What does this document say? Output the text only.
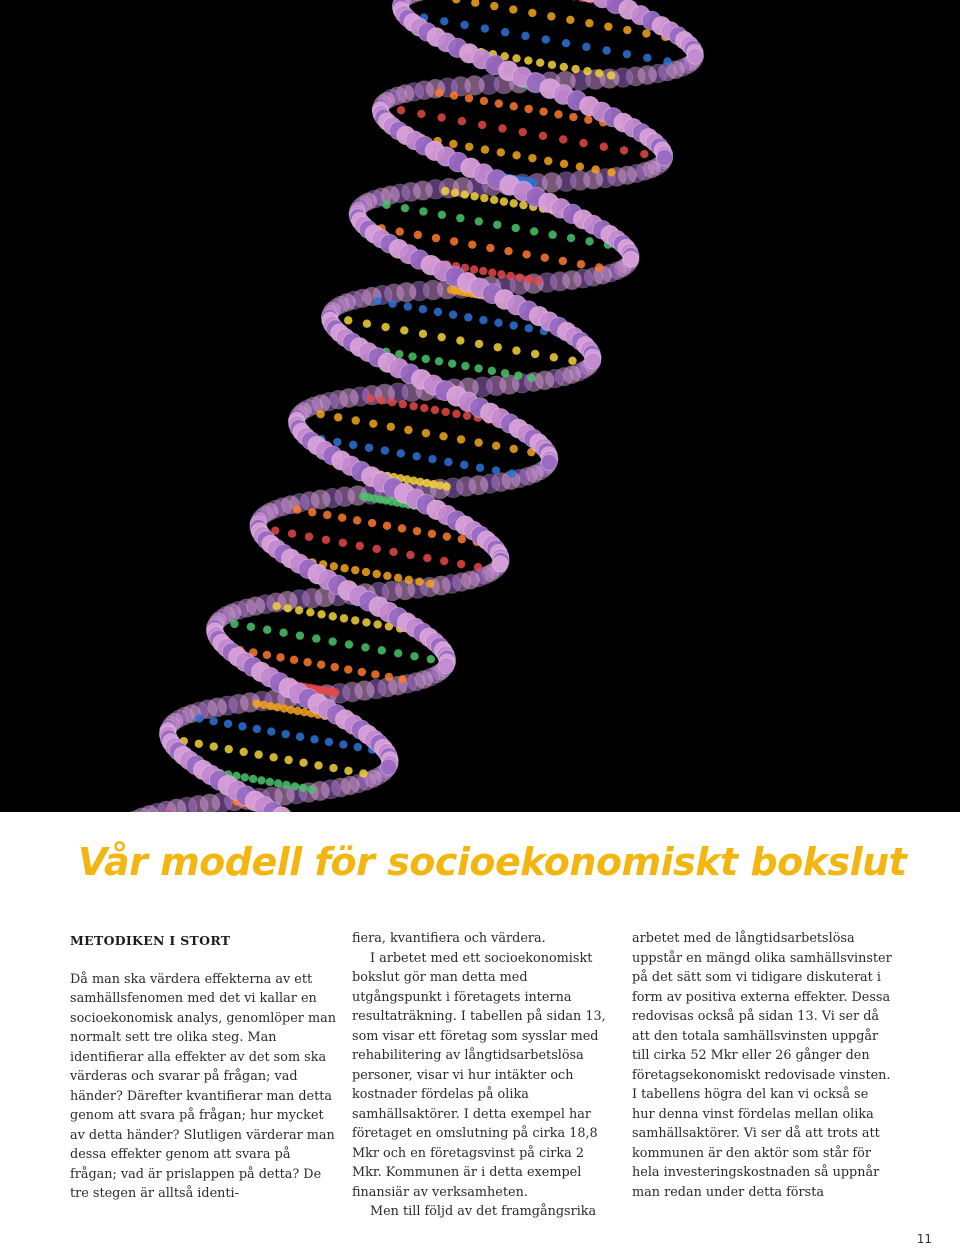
Vår modell för socioekonomiskt bokslut

METODIKEN I STORT

Då man ska värdera effekterna av ett samhällsfenomen med det vi kallar en socioekonomisk analys, genomlöper man normalt sett tre olika steg. Man identifierar alla effekter av det som ska värderas och svarar på frågan; vad händer? Därefter kvantifierar man detta genom att svara på frågan; hur mycket av detta händer? Slutligen värderar man dessa effekter genom att svara på frågan; vad är prislappen på detta? De tre stegen är alltså identi-

fiera, kvantifiera och värdera.

I arbetet med ett socioekonomiskt bokslut gör man detta med utgångspunkt i företagets interna resultaträkning. I tabellen på sidan 13, som visar ett företag som sysslar med rehabilitering av långtidsarbetslösa personer, visar vi hur intäkter och kostnader fördelas på olika samhällsaktörer. I detta exempel har företaget en omslutning på cirka 18,8 Mkr och en företagsvinst på cirka 2 Mkr. Kommunen är i detta exempel finansiär av verksamheten.

Men till följd av det framgångsrika

arbetet med de långtidsarbetslösa uppstår en mängd olika samhällsvinster på det sätt som vi tidigare diskuterat i form av positiva externa effekter. Dessa redovisas också på sidan 13. Vi ser då att den totala samhällsvinsten uppgår till cirka 52 Mkr eller 26 gånger den företagsekonomiskt redovisade vinsten. I tabellens högra del kan vi också se hur denna vinst fördelas mellan olika samhällsaktörer. Vi ser då att trots att kommunen är den aktör som står för hela investeringskostnaden så uppnår man redan under detta första

11
